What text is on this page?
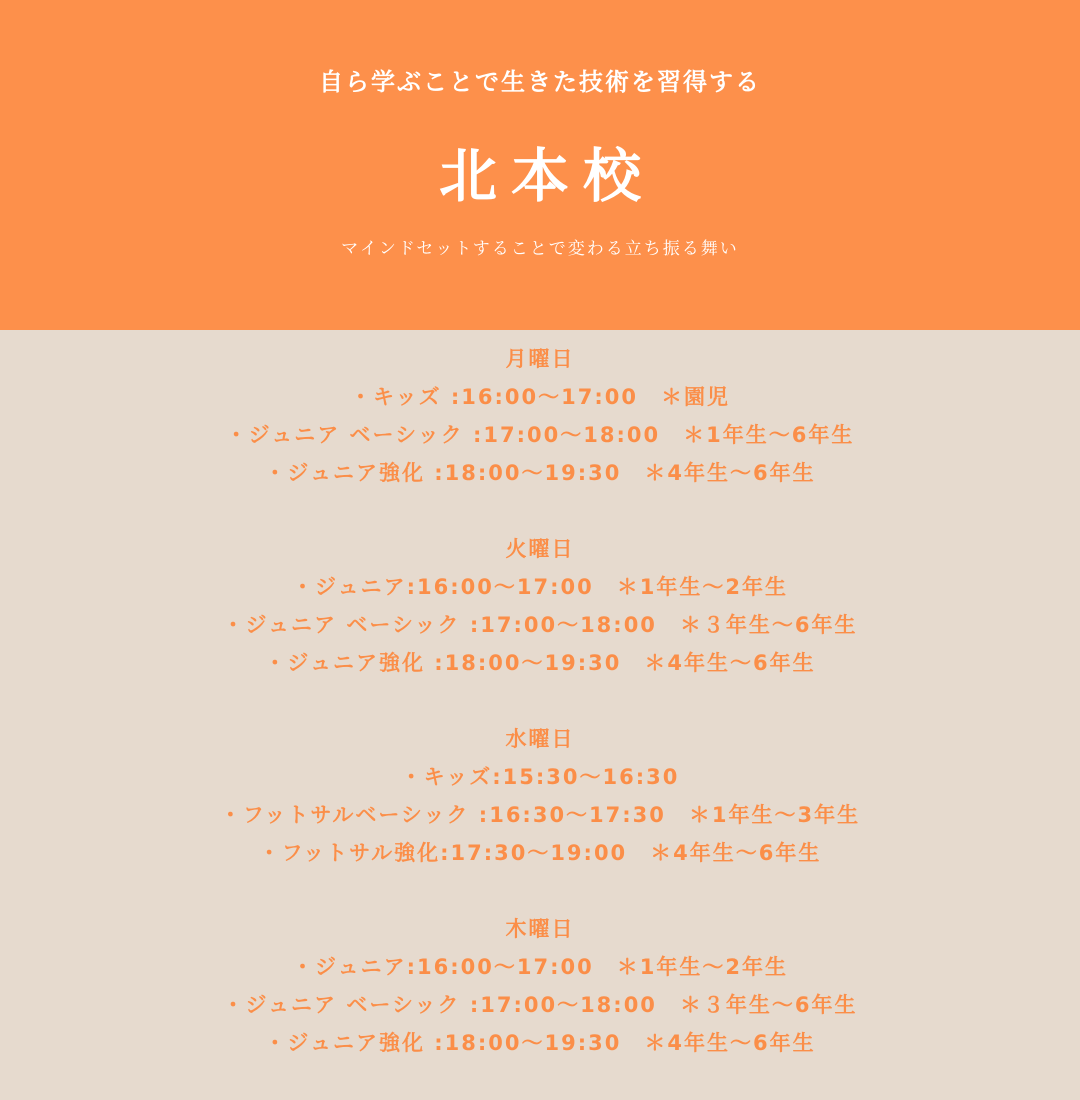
自ら学ぶことで生きた技術を習得する
北本校
マインドセットすることで変わる立ち振る舞い
月曜日
・キッズ :16:00〜17:00　＊園児
・ジュニア ベーシック :17:00〜18:00　＊1年生〜6年生
・ジュニア強化 :18:00〜19:30　＊4年生〜6年生
火曜日
・ジュニア:16:00〜17:00　＊1年生〜2年生
・ジュニア ベーシック :17:00〜18:00　＊３年生〜6年生
・ジュニア強化 :18:00〜19:30　＊4年生〜6年生
水曜日
・キッズ:15:30〜16:30
・フットサルベーシック :16:30〜17:30　＊1年生〜3年生
・フットサル強化:17:30〜19:00　＊4年生〜6年生
木曜日
・ジュニア:16:00〜17:00　＊1年生〜2年生
・ジュニア ベーシック :17:00〜18:00　＊３年生〜6年生
・ジュニア強化 :18:00〜19:30　＊4年生〜6年生
